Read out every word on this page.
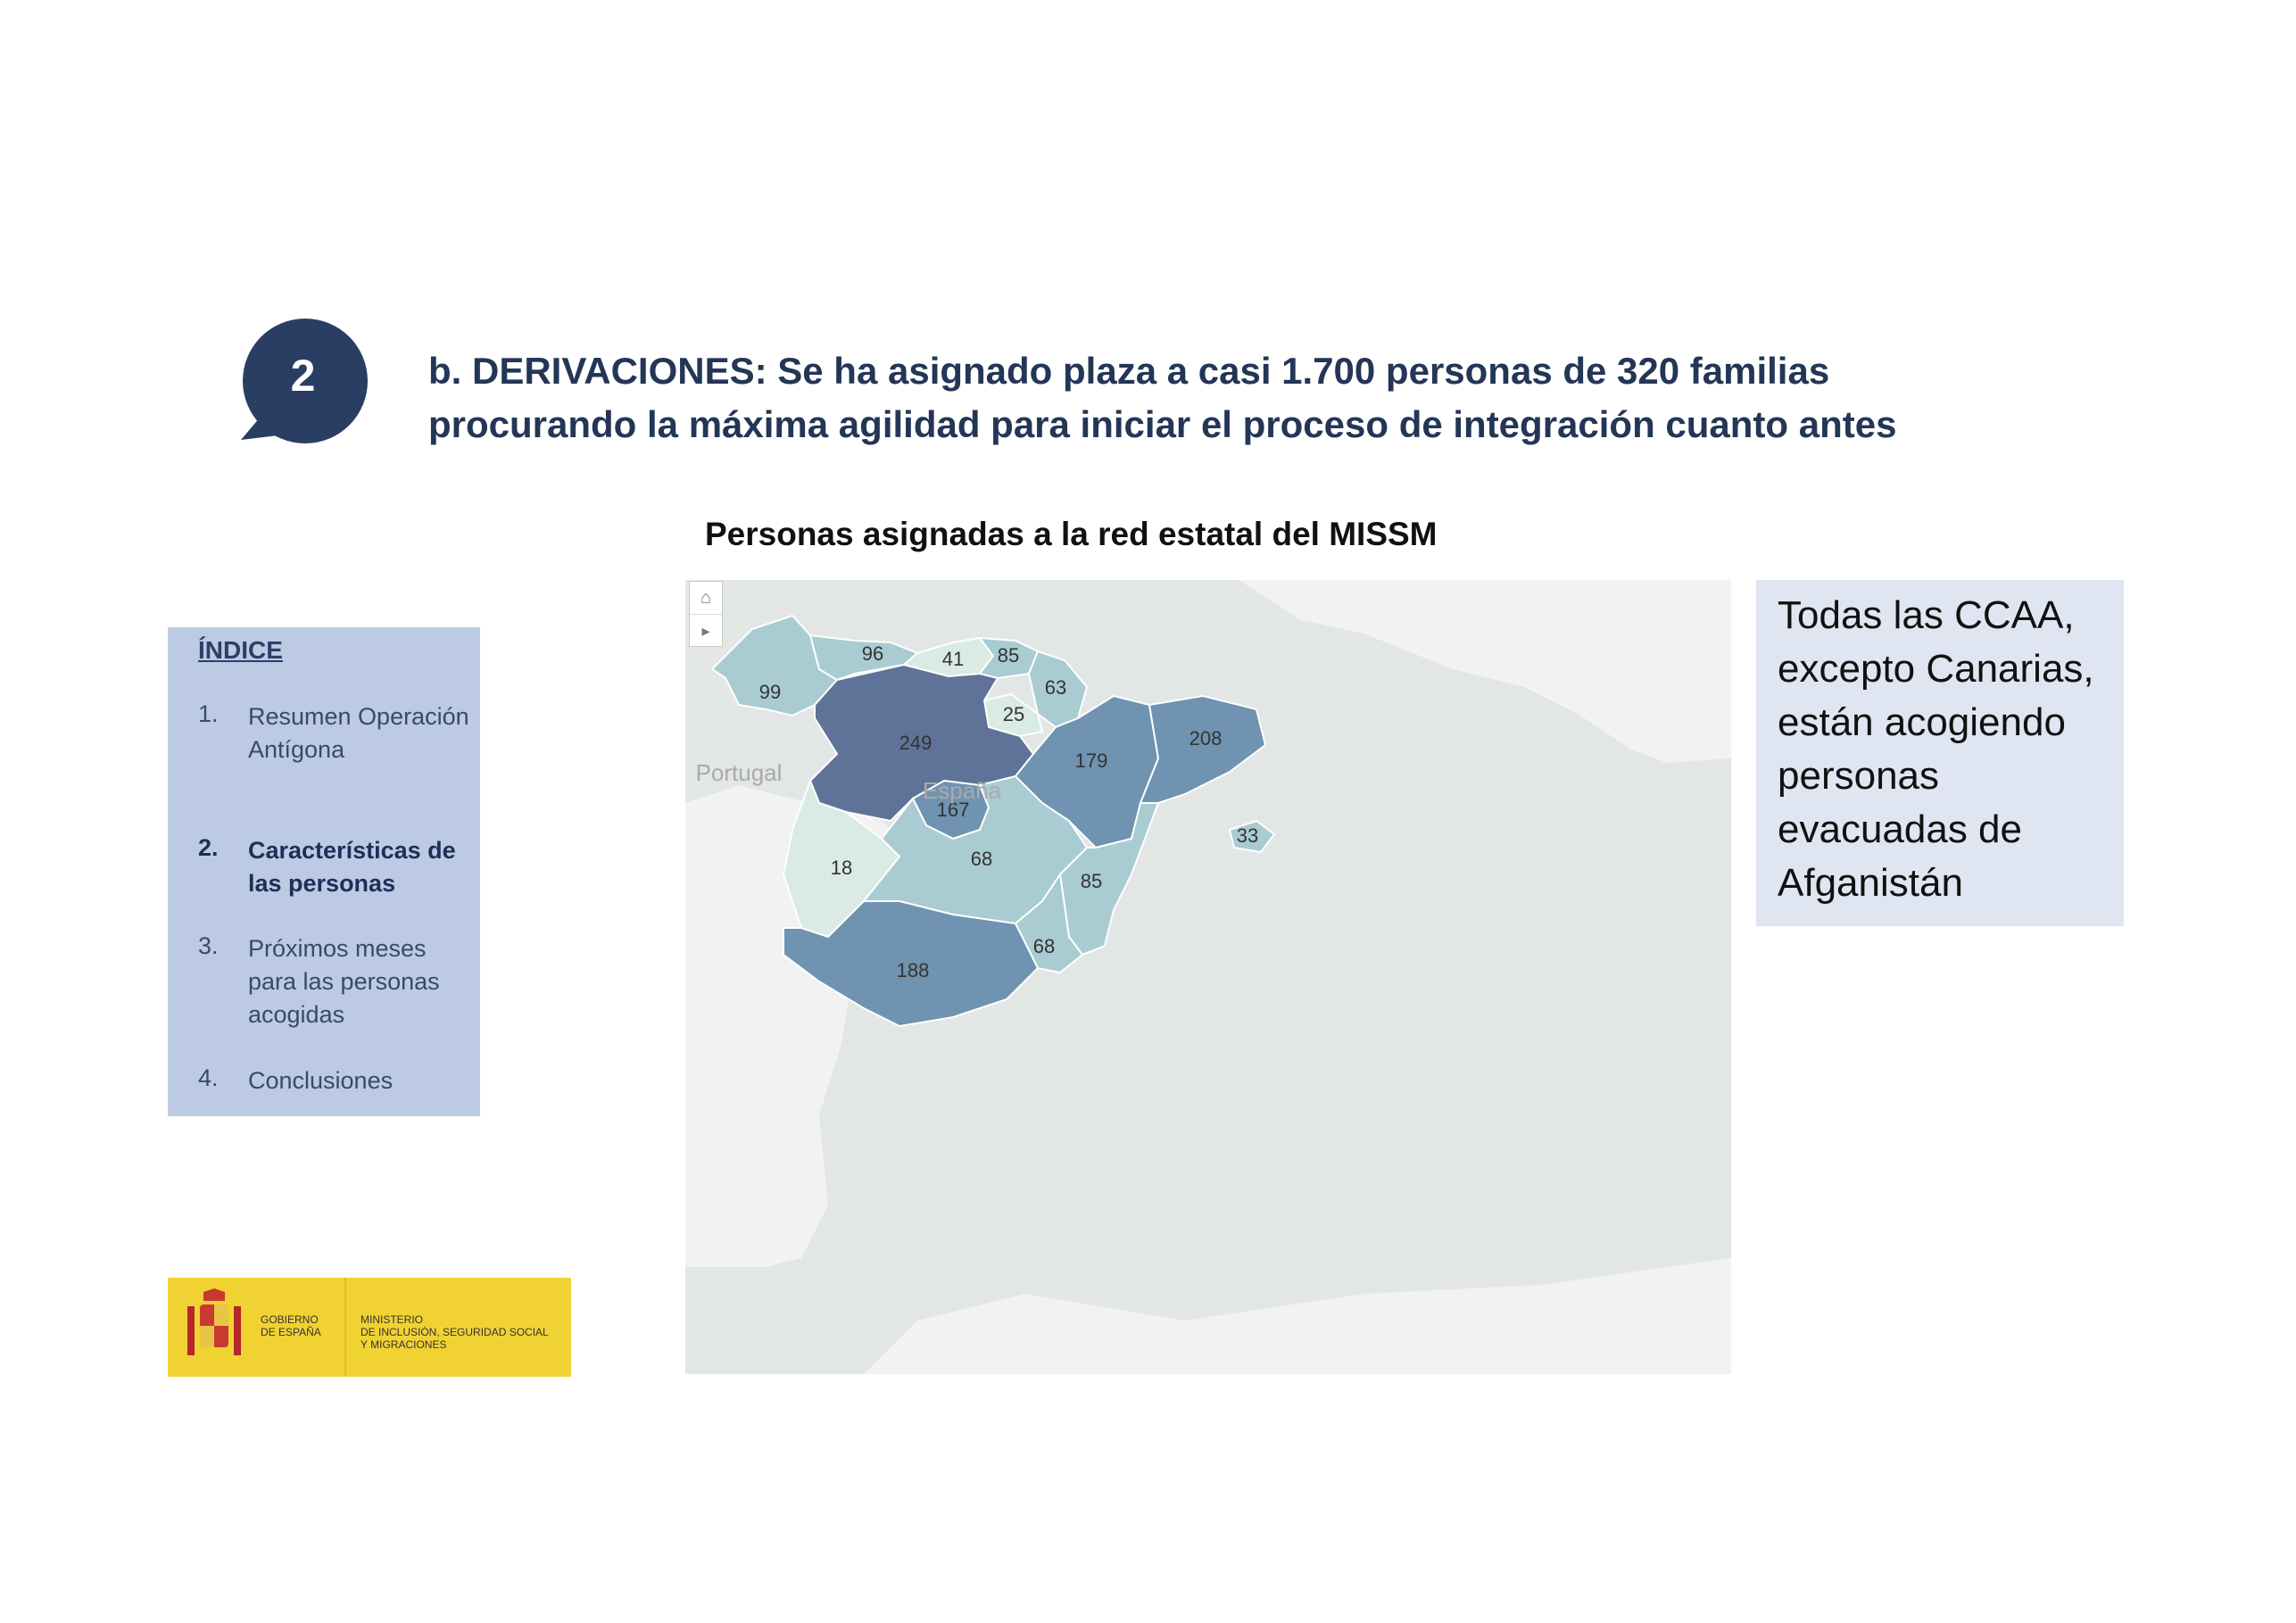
2	b. DERIVACIONES: Se ha asignado plaza a casi 1.700 personas de 320 familias
procurando la máxima agilidad para iniciar el proceso de integración cuanto antes
Personas asignadas a la red estatal del MISSM
ÍNDICE
1. Resumen Operación Antígona
2. Características de las personas
3. Próximos meses para las personas acogidas
4. Conclusiones
Todas las CCAA, excepto Canarias, están acogiendo personas evacuadas de Afganistán
99
96	41 85
63
25
249
179
208
167
18	68
85
33
68
188
Portugal
España
⌂
▸
GOBIERNO
DE ESPAÑA
MINISTERIO
DE INCLUSIÓN, SEGURIDAD SOCIAL
Y MIGRACIONES
